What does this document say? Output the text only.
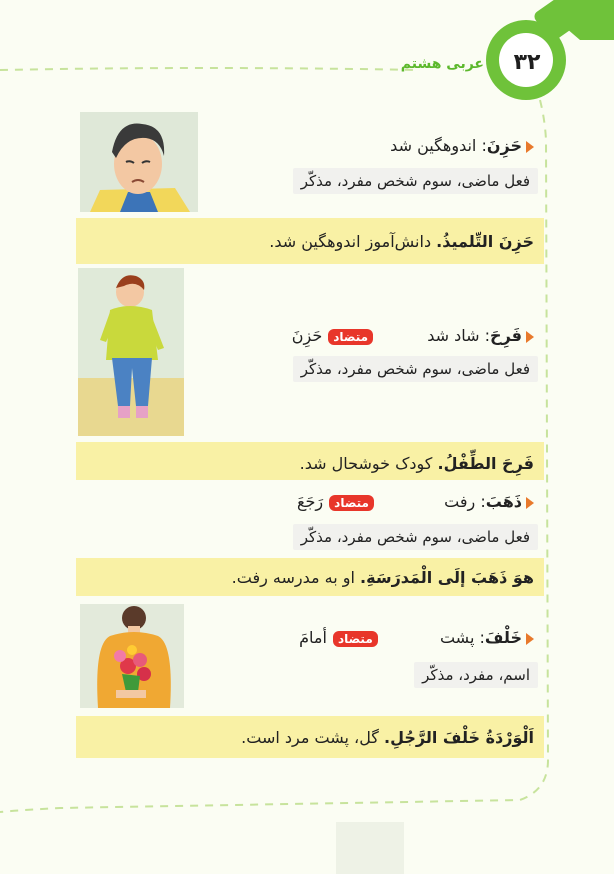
عربی هشتم	۳۲
حَزِنَ: اندوهگین شد
فعل ماضی، سوم شخص مفرد، مذکّر
حَزِنَ التِّلميذُ. دانش‌آموز اندوهگین شد.
فَرِحَ: شاد شد  متضادحَزِنَ
فعل ماضی، سوم شخص مفرد، مذکّر
فَرِحَ الطِّفْلُ. کودک خوشحال شد.
ذَهَبَ: رفت  متضادرَجَعَ
فعل ماضی، سوم شخص مفرد، مذکّر
هوَ ذَهَبَ إلَى الْمَدرَسَةِ. او به مدرسه رفت.
خَلْفَ: پشت  متضادأمامَ
اسم، مفرد، مذکّر
اَلْوَرْدَةُ خَلْفَ الرَّجُلِ. گل، پشت مرد است.
